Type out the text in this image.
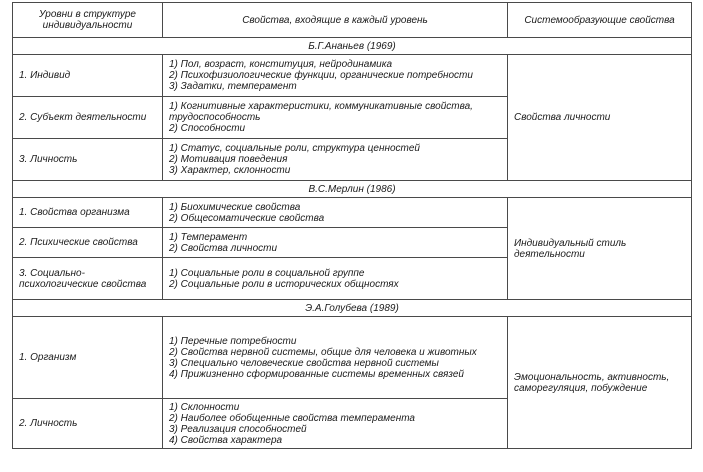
Уровни в структуре индивидуальности	Свойства, входящие в каждый уровень	Системообразующие свойства
Б.Г.Ананьев (1969)		
1. Индивид	1) Пол, возраст, конституция, нейродинамика
2) Психофизиологические функции, органические потребности
3) Задатки, темперамент	Свойства личности
2. Субъект деятельности	1) Когнитивные характеристики, коммуникативные свойства, трудоспособность
2) Способности	

3. Личность	1) Статус, социальные роли, структура ценностей
2) Мотивация поведения
3) Характер, склонности	

В.С.Мерлин (1986)		
1. Свойства организма	1) Биохимические свойства
2) Общесоматические свойства	Индивидуальный стиль деятельности
2. Психические свойства	1) Темперамент
2) Свойства личности	

3. Социально-психологические свойства	1) Социальные роли в социальной группе
2) Социальные роли в исторических общностях	

Э.А.Голубева (1989)		
1. Организм	1) Перечные потребности
2) Свойства нервной системы, общие для человека и животных
3) Специально человеческие свойства нервной системы
4) Прижизненно сформированные системы временных связей	Эмоциональность, активность, саморегуляция, побуждение
2. Личность	1) Склонности
2) Наиболее обобщенные свойства темперамента
3) Реализация способностей
4) Свойства характера	
